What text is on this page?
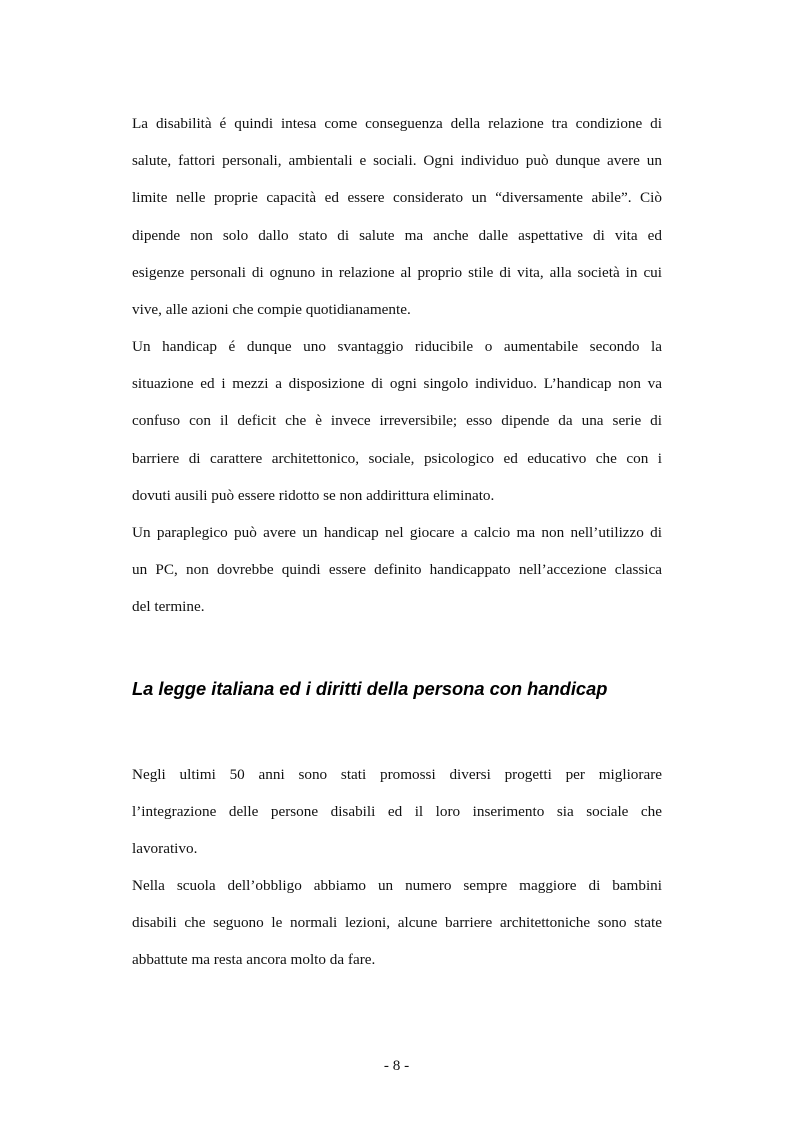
La disabilità é quindi intesa come conseguenza della relazione tra condizione di
salute, fattori personali, ambientali e sociali. Ogni individuo può dunque avere un
limite nelle proprie capacità ed essere considerato un “diversamente abile”. Ciò
dipende non solo dallo stato di salute ma anche dalle aspettative di vita ed
esigenze personali di ognuno in relazione al proprio stile di vita, alla società in cui
vive, alle azioni che compie quotidianamente.
Un handicap é dunque uno svantaggio riducibile o aumentabile secondo la
situazione ed i mezzi a disposizione di ogni singolo individuo. L’handicap non va
confuso con il deficit che è invece irreversibile; esso dipende da una serie di
barriere di carattere architettonico, sociale, psicologico ed educativo che con i
dovuti ausili può essere ridotto se non addirittura eliminato.
Un paraplegico può avere un handicap nel giocare a calcio ma non nell’utilizzo di
un PC, non dovrebbe quindi essere definito handicappato nell’accezione classica
del termine.
La legge italiana ed i diritti della persona con handicap
Negli ultimi 50 anni sono stati promossi diversi progetti per migliorare
l’integrazione delle persone disabili ed il loro inserimento sia sociale che
lavorativo.
Nella scuola dell’obbligo abbiamo un numero sempre maggiore di bambini
disabili che seguono le normali lezioni, alcune barriere architettoniche sono state
abbattute ma resta ancora molto da fare.
- 8 -
